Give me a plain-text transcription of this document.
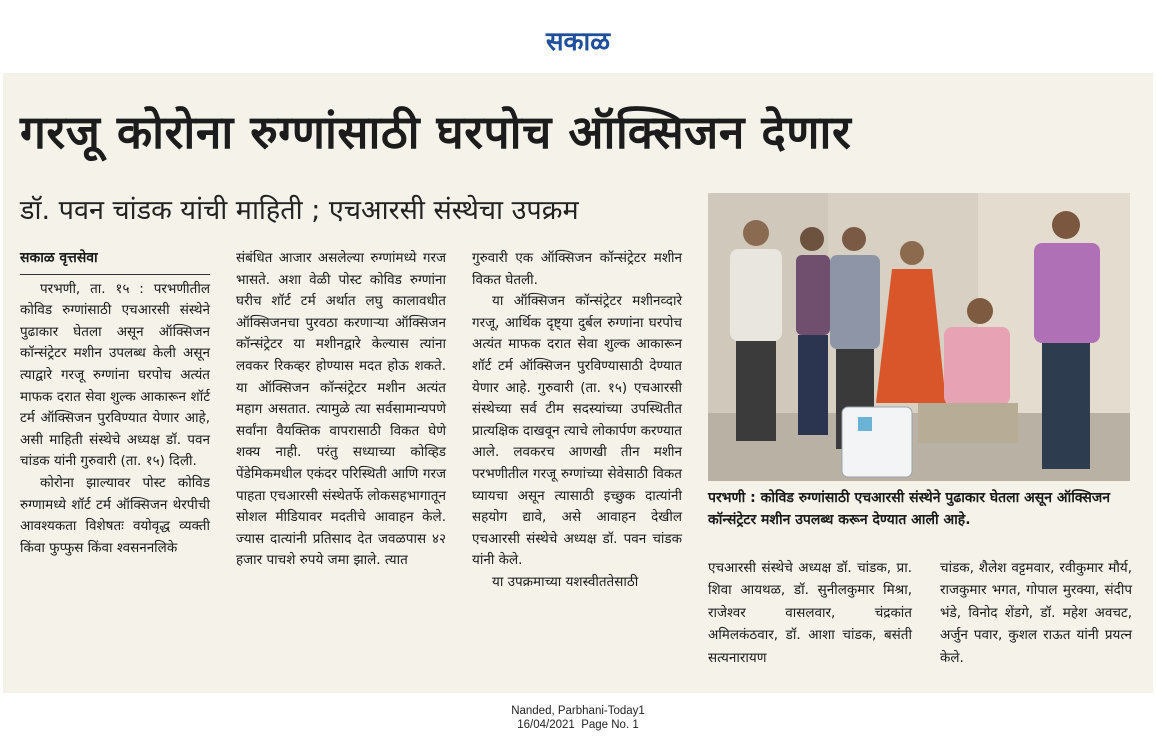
सकाळ
गरजू कोरोना रुग्णांसाठी घरपोच ऑक्सिजन देणार
डॉ. पवन चांडक यांची माहिती ; एचआरसी संस्थेचा उपक्रम
सकाळ वृत्तसेवा

परभणी, ता. १५ : परभणीतील कोविड रुग्णांसाठी एचआरसी संस्थेने पुढाकार घेतला असून ऑक्सिजन कॉन्संट्रेटर मशीन उपलब्ध केली असून त्याद्वारे गरजू रुग्णांना घरपोच अत्यंत माफक दरात सेवा शुल्क आकारून शॉर्ट टर्म ऑक्सिजन पुरविण्यात येणार आहे, असी माहिती संस्थेचे अध्यक्ष डॉ. पवन चांडक यांनी गुरुवारी (ता. १५) दिली.

कोरोना झाल्यावर पोस्ट कोविड रुग्णामध्ये शॉर्ट टर्म ऑक्सिजन थेरपीची आवश्यकता विशेषतः वयोवृद्ध व्यक्ती किंवा फुप्फुस किंवा श्वसननलिके

संबंधित आजार असलेल्या रुग्णांमध्ये गरज भासते. अशा वेळी पोस्ट कोविड रुग्णांना घरीच शॉर्ट टर्म अर्थात लघु कालावधीत ऑक्सिजनचा पुरवठा करणाऱ्या ऑक्सिजन कॉन्संट्रेटर या मशीनद्वारे केल्यास त्यांना लवकर रिकव्हर होण्यास मदत होऊ शकते. या ऑक्सिजन कॉन्संट्रेटर मशीन अत्यंत महाग असतात. त्यामुळे त्या सर्वसामान्यपणे सर्वांना वैयक्तिक वापरासाठी विकत घेणे शक्य नाही. परंतु सध्याच्या कोव्हिड पेंडेमिकमधील एकंदर परिस्थिती आणि गरज पाहता एचआरसी संस्थेतर्फे लोकसहभागातून सोशल मीडियावर मदतीचे आवाहन केले. ज्यास दात्यांनी प्रतिसाद देत जवळपास ४२ हजार पाचशे रुपये जमा झाले. त्यात

गुरुवारी एक ऑक्सिजन कॉन्संट्रेटर मशीन विकत घेतली.

या ऑक्सिजन कॉन्संट्रेटर मशीनव्दारे गरजू, आर्थिक दृष्ट्या दुर्बल रुग्णांना घरपोच अत्यंत माफक दरात सेवा शुल्क आकारून शॉर्ट टर्म ऑक्सिजन पुरविण्यासाठी देण्यात येणार आहे. गुरुवारी (ता. १५) एचआरसी संस्थेच्या सर्व टीम सदस्यांच्या उपस्थितीत प्रात्यक्षिक दाखवून त्याचे लोकार्पण करण्यात आले. लवकरच आणखी तीन मशीन परभणीतील गरजू रुग्णांच्या सेवेसाठी विकत घ्यायचा असून त्यासाठी इच्छुक दात्यांनी सहयोग द्यावे, असे आवाहन देखील एचआरसी संस्थेचे अध्यक्ष डॉ. पवन चांडक यांनी केले.

या उपक्रमाच्या यशस्वीततेसाठी

परभणी : कोविड रुग्णांसाठी एचआरसी संस्थेने पुढाकार घेतला असून ऑक्सिजन कॉन्संट्रेटर मशीन उपलब्ध करून देण्यात आली आहे.

एचआरसी संस्थेचे अध्यक्ष डॉ. चांडक, प्रा. शिवा आयथळ, डॉ. सुनीलकुमार मिश्रा, राजेश्वर वासलवार, चंद्रकांत अमिलकंठवार, डॉ. आशा चांडक, बसंती सत्यनारायण

चांडक, शैलेश वट्टमवार, रवीकुमार मौर्य, राजकुमार भगत, गोपाल मुरक्या, संदीप भंडे, विनोद शेंडगे, डॉ. महेश अवचट, अर्जुन पवार, कुशल राऊत यांनी प्रयत्न केले.

Nanded, Parbhani-Today1
16/04/2021  Page No. 1
